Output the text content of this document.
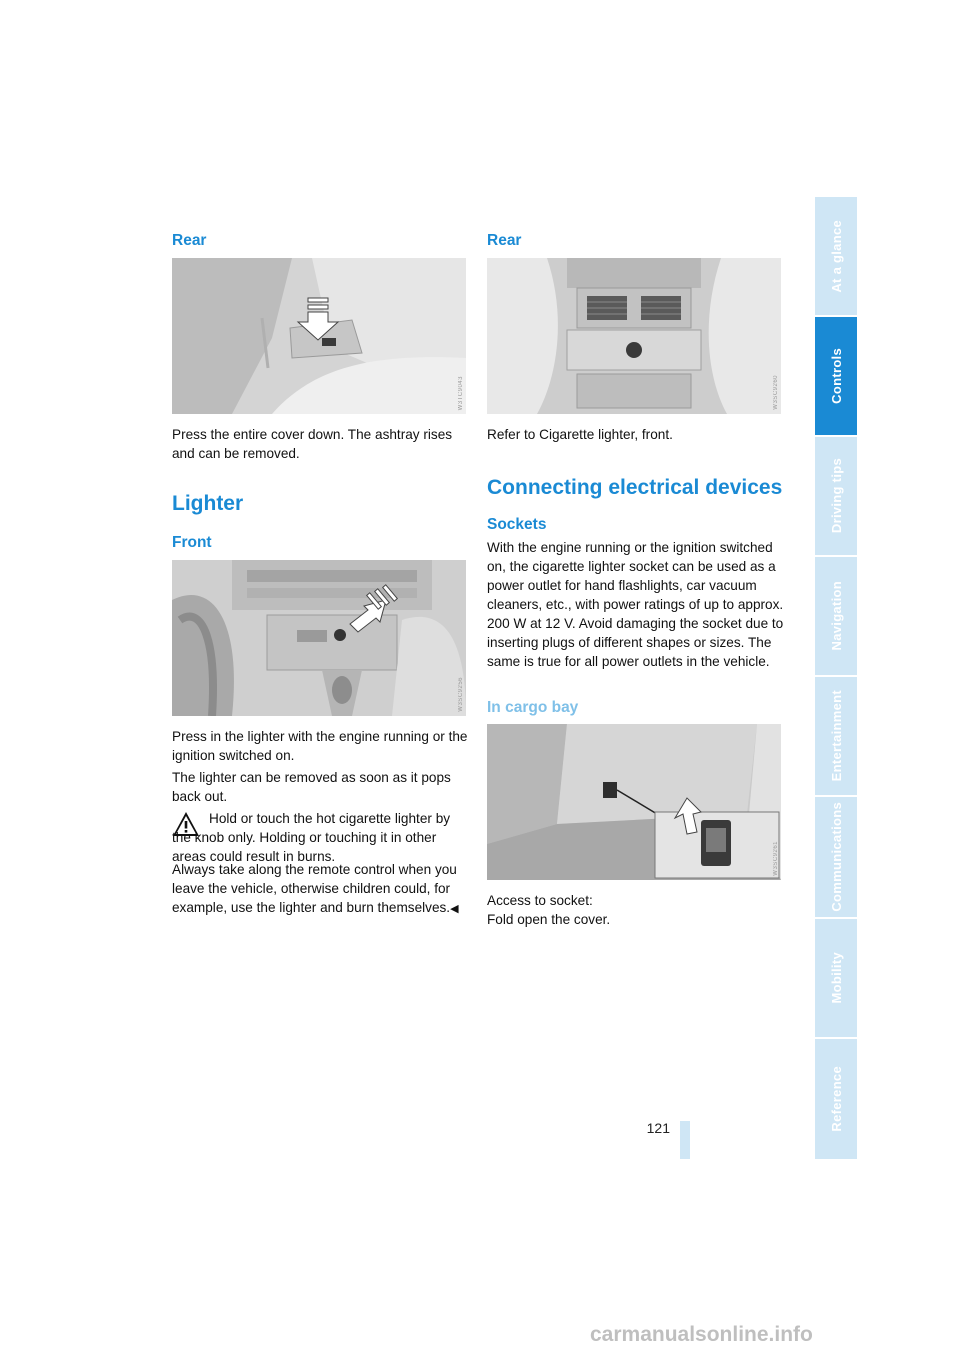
Rear
W3TC9043
Press the entire cover down. The ashtray rises and can be removed.
Lighter
Front
W3SC9256
Press in the lighter with the engine running or the ignition switched on.
The lighter can be removed as soon as it pops back out.
Hold or touch the hot cigarette lighter by the knob only. Holding or touching it in other areas could result in burns.
Always take along the remote control when you leave the vehicle, otherwise children could, for example, use the lighter and burn themselves.◀
Rear
W3SC9260
Refer to Cigarette lighter, front.
Connecting electrical devices
Sockets
With the engine running or the ignition switched on, the cigarette lighter socket can be used as a power outlet for hand flashlights, car vacuum cleaners, etc., with power ratings of up to approx. 200 W at 12 V. Avoid damaging the socket due to inserting plugs of different shapes or sizes. The same is true for all power outlets in the vehicle.
In cargo bay
W3SC9261
Access to socket:
Fold open the cover.
At a glance
Controls
Driving tips
Navigation
Entertainment
Communications
Mobility
Reference
121
carmanualsonline.info
